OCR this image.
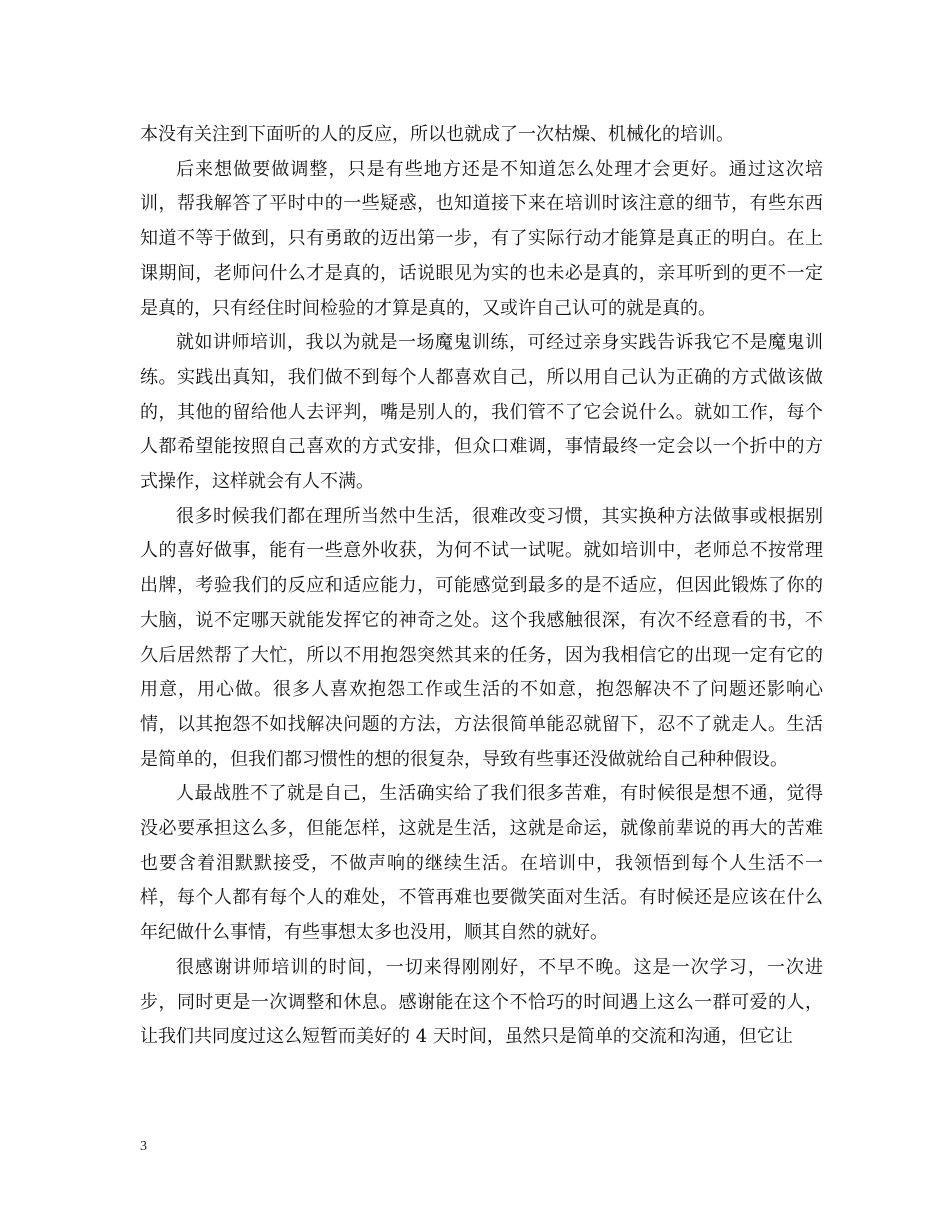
本没有关注到下面听的人的反应，所以也就成了一次枯燥、机械化的培训。

后来想做要做调整，只是有些地方还是不知道怎么处理才会更好。通过这次培训，帮我解答了平时中的一些疑惑，也知道接下来在培训时该注意的细节，有些东西知道不等于做到，只有勇敢的迈出第一步，有了实际行动才能算是真正的明白。在上课期间，老师问什么才是真的，话说眼见为实的也未必是真的，亲耳听到的更不一定是真的，只有经住时间检验的才算是真的，又或许自己认可的就是真的。

就如讲师培训，我以为就是一场魔鬼训练，可经过亲身实践告诉我它不是魔鬼训练。实践出真知，我们做不到每个人都喜欢自己，所以用自己认为正确的方式做该做的，其他的留给他人去评判，嘴是别人的，我们管不了它会说什么。就如工作，每个人都希望能按照自己喜欢的方式安排，但众口难调，事情最终一定会以一个折中的方式操作，这样就会有人不满。

很多时候我们都在理所当然中生活，很难改变习惯，其实换种方法做事或根据别人的喜好做事，能有一些意外收获，为何不试一试呢。就如培训中，老师总不按常理出牌，考验我们的反应和适应能力，可能感觉到最多的是不适应，但因此锻炼了你的大脑，说不定哪天就能发挥它的神奇之处。这个我感触很深，有次不经意看的书，不久后居然帮了大忙，所以不用抱怨突然其来的任务，因为我相信它的出现一定有它的用意，用心做。很多人喜欢抱怨工作或生活的不如意，抱怨解决不了问题还影响心情，以其抱怨不如找解决问题的方法，方法很简单能忍就留下，忍不了就走人。生活是简单的，但我们都习惯性的想的很复杂，导致有些事还没做就给自己种种假设。

人最战胜不了就是自己，生活确实给了我们很多苦难，有时候很是想不通，觉得没必要承担这么多，但能怎样，这就是生活，这就是命运，就像前辈说的再大的苦难也要含着泪默默接受，不做声响的继续生活。在培训中，我领悟到每个人生活不一样，每个人都有每个人的难处，不管再难也要微笑面对生活。有时候还是应该在什么年纪做什么事情，有些事想太多也没用，顺其自然的就好。

很感谢讲师培训的时间，一切来得刚刚好，不早不晚。这是一次学习，一次进步，同时更是一次调整和休息。感谢能在这个不恰巧的时间遇上这么一群可爱的人，让我们共同度过这么短暂而美好的 4 天时间，虽然只是简单的交流和沟通，但它让

3
